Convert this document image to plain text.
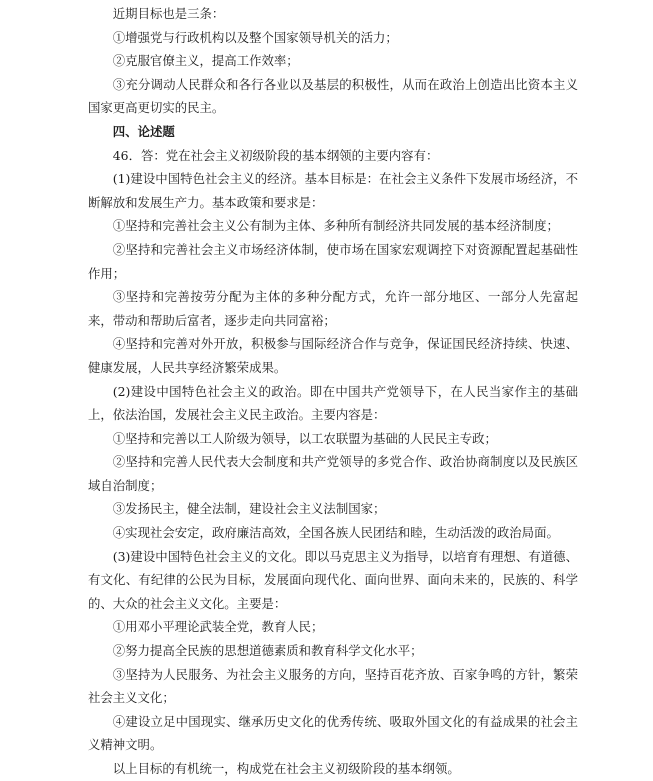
近期目标也是三条：

①增强党与行政机构以及整个国家领导机关的活力；

②克服官僚主义，提高工作效率；

③充分调动人民群众和各行各业以及基层的积极性，从而在政治上创造出比资本主义国家更高更切实的民主。

四、论述题

46．答：党在社会主义初级阶段的基本纲领的主要内容有：

(1)建设中国特色社会主义的经济。基本目标是：在社会主义条件下发展市场经济，不断解放和发展生产力。基本政策和要求是：

①坚持和完善社会主义公有制为主体、多种所有制经济共同发展的基本经济制度；

②坚持和完善社会主义市场经济体制，使市场在国家宏观调控下对资源配置起基础性作用；

③坚持和完善按劳分配为主体的多种分配方式，允许一部分地区、一部分人先富起来，带动和帮助后富者，逐步走向共同富裕；

④坚持和完善对外开放，积极参与国际经济合作与竞争，保证国民经济持续、快速、健康发展，人民共享经济繁荣成果。

(2)建设中国特色社会主义的政治。即在中国共产党领导下，在人民当家作主的基础上，依法治国，发展社会主义民主政治。主要内容是：

①坚持和完善以工人阶级为领导，以工农联盟为基础的人民民主专政；

②坚持和完善人民代表大会制度和共产党领导的多党合作、政治协商制度以及民族区域自治制度；

③发扬民主，健全法制，建设社会主义法制国家；

④实现社会安定，政府廉洁高效，全国各族人民团结和睦，生动活泼的政治局面。

(3)建设中国特色社会主义的文化。即以马克思主义为指导，以培育有理想、有道德、有文化、有纪律的公民为目标，发展面向现代化、面向世界、面向未来的，民族的、科学的、大众的社会主义文化。主要是：

①用邓小平理论武装全党，教育人民；

②努力提高全民族的思想道德素质和教育科学文化水平；

③坚持为人民服务、为社会主义服务的方向，坚持百花齐放、百家争鸣的方针，繁荣社会主义文化；

④建设立足中国现实、继承历史文化的优秀传统、吸取外国文化的有益成果的社会主义精神文明。

以上目标的有机统一，构成党在社会主义初级阶段的基本纲领。
